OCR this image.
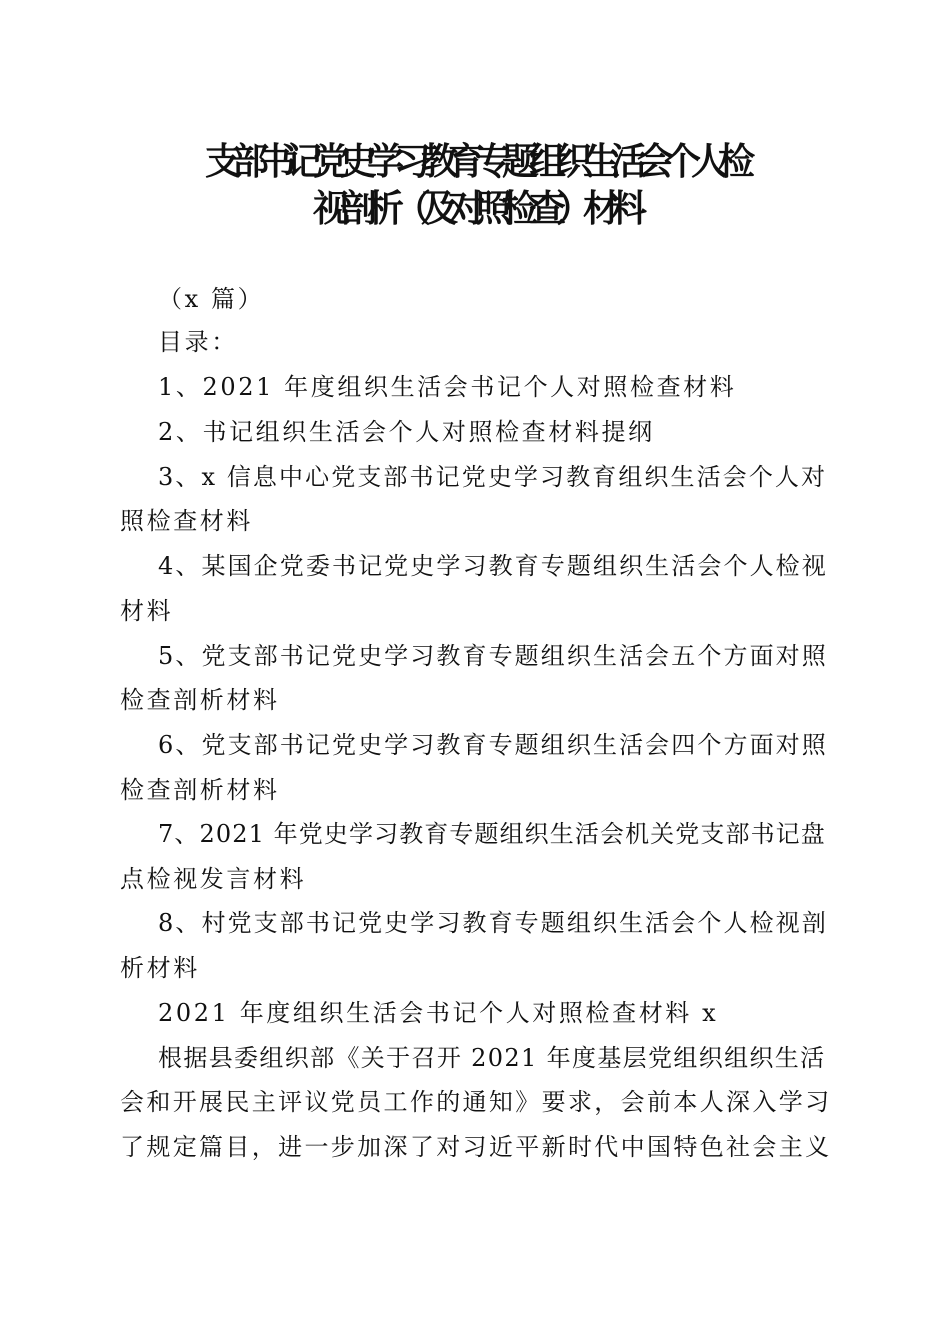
支部书记党史学习教育专题组织生活会个人检
视剖析（及对照检查）材料
（x 篇）
目录：
1、2021 年度组织生活会书记个人对照检查材料
2、书记组织生活会个人对照检查材料提纲
3、x 信息中心党支部书记党史学习教育组织生活会个人对
照检查材料
4、某国企党委书记党史学习教育专题组织生活会个人检视
材料
5、党支部书记党史学习教育专题组织生活会五个方面对照
检查剖析材料
6、党支部书记党史学习教育专题组织生活会四个方面对照
检查剖析材料
7、2021 年党史学习教育专题组织生活会机关党支部书记盘
点检视发言材料
8、村党支部书记党史学习教育专题组织生活会个人检视剖
析材料
2021 年度组织生活会书记个人对照检查材料 x
根据县委组织部《关于召开 2021 年度基层党组织组织生活
会和开展民主评议党员工作的通知》要求，会前本人深入学习
了规定篇目，进一步加深了对习近平新时代中国特色社会主义
